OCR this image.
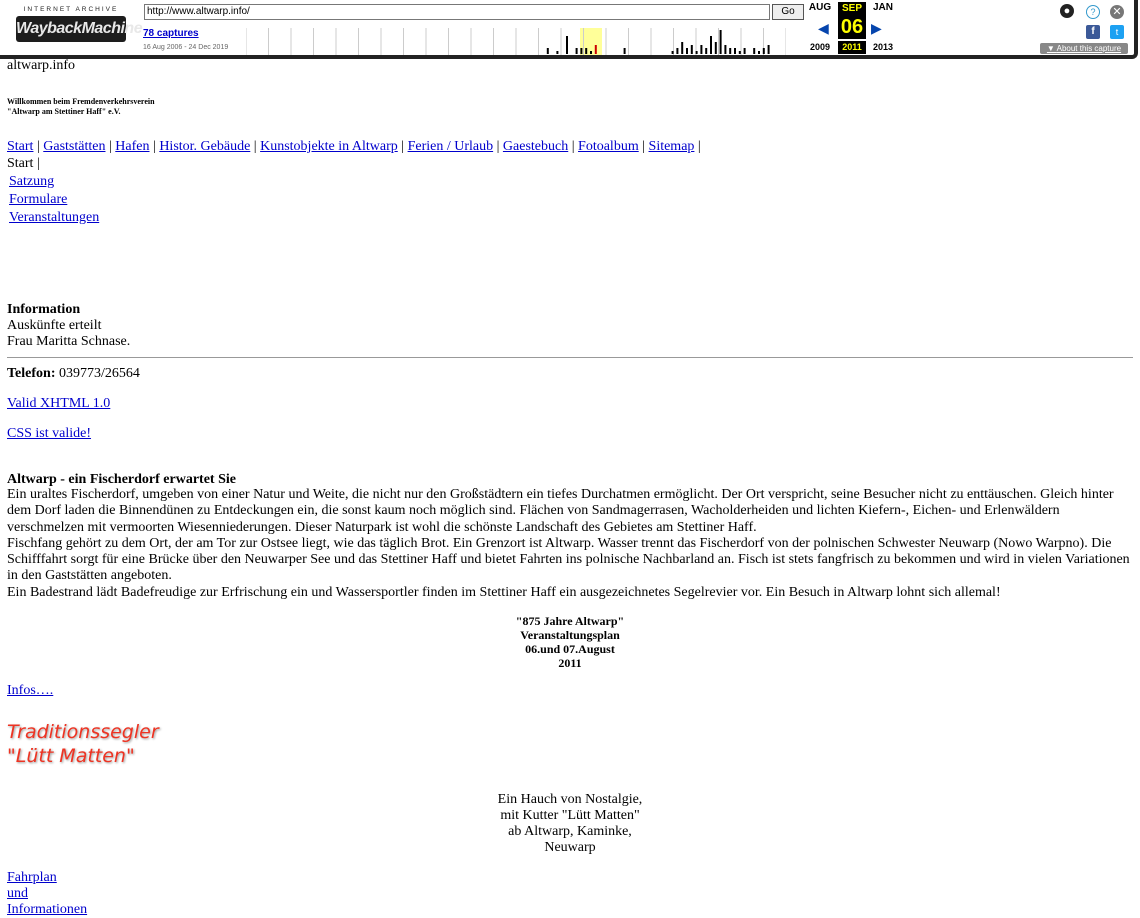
INTERNET ARCHIVE
WaybackMachine
http://www.altwarp.info/	Go
78 captures
16 Aug 2006 - 24 Dec 2019
AUG	SEP	JAN
◀ 06 ▶
2009	2011	2013
●	?	✕
f	t
▼ About this capture
altwarp.info
Willkommen beim Fremdenverkehrsverein
"Altwarp am Stettiner Haff" e.V.
Start | Gaststätten | Hafen | Histor. Gebäude | Kunstobjekte in Altwarp | Ferien / Urlaub | Gaestebuch | Fotoalbum | Sitemap |
Start |
Satzung
Formulare
Veranstaltungen
Information
Auskünfte erteilt
Frau Maritta Schnase.
Telefon: 039773/26564
Valid XHTML 1.0
CSS ist valide!
Altwarp - ein Fischerdorf erwartet Sie
Ein uraltes Fischerdorf, umgeben von einer Natur und Weite, die nicht nur den Großstädtern ein tiefes Durchatmen ermöglicht. Der Ort verspricht, seine Besucher nicht zu enttäuschen. Gleich hinter dem Dorf laden die Binnendünen zu Entdeckungen ein, die sonst kaum noch möglich sind. Flächen von Sandmagerrasen, Wacholderheiden und lichten Kiefern-, Eichen- und Erlenwäldern verschmelzen mit vermoorten Wiesenniederungen. Dieser Naturpark ist wohl die schönste Landschaft des Gebietes am Stettiner Haff.
Fischfang gehört zu dem Ort, der am Tor zur Ostsee liegt, wie das täglich Brot. Ein Grenzort ist Altwarp. Wasser trennt das Fischerdorf von der polnischen Schwester Neuwarp (Nowo Warpno). Die Schifffahrt sorgt für eine Brücke über den Neuwarper See und das Stettiner Haff und bietet Fahrten ins polnische Nachbarland an. Fisch ist stets fangfrisch zu bekommen und wird in vielen Variationen in den Gaststätten angeboten.
Ein Badestrand lädt Badefreudige zur Erfrischung ein und Wassersportler finden im Stettiner Haff ein ausgezeichnetes Segelrevier vor. Ein Besuch in Altwarp lohnt sich allemal!
"875 Jahre Altwarp"
Veranstaltungsplan
06.und 07.August
2011
Infos….
Traditionssegler
"Lütt Matten"
Ein Hauch von Nostalgie,
mit Kutter "Lütt Matten"
ab Altwarp, Kaminke,
Neuwarp
Fahrplan
und
Informationen
